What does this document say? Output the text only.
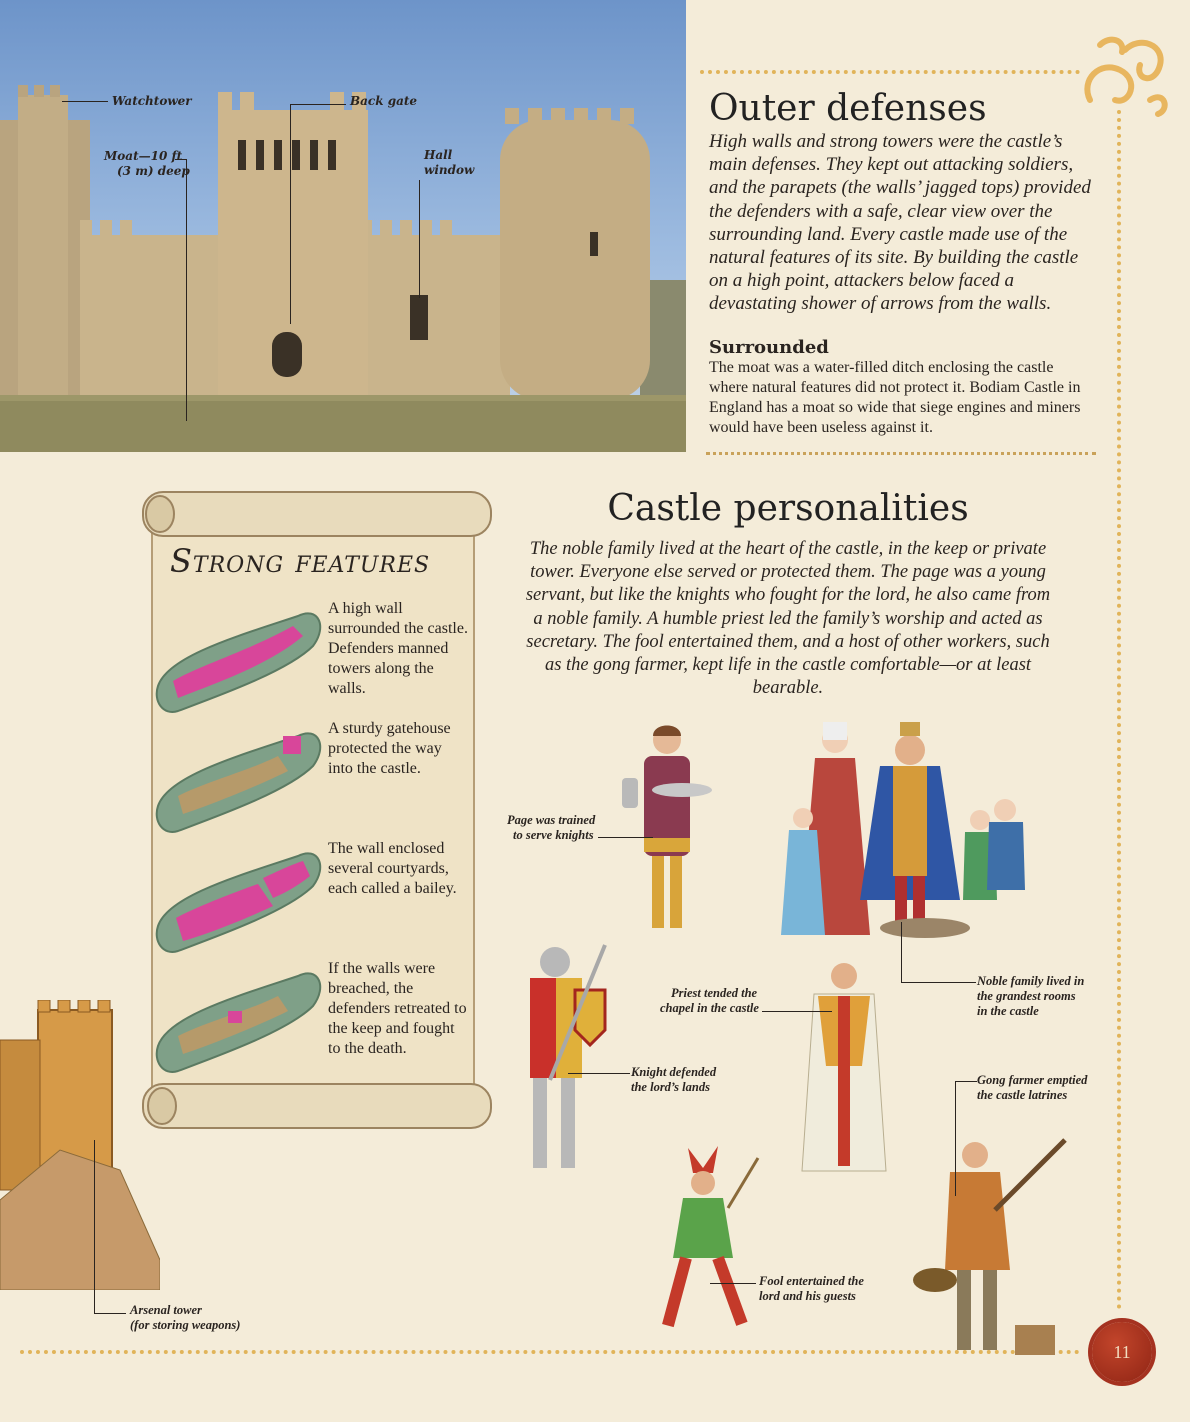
Watchtower	Back gate
Moat—10 ft
(3 m) deep
Hall
window
Outer defenses

High walls and strong towers were the castle’s main defenses. They kept out attacking soldiers, and the parapets (the walls’ jagged tops) provided the defenders with a safe, clear view over the surrounding land. Every castle made use of the natural features of its site. By building the castle on a high point, attackers below faced a devastating shower of arrows from the walls.

Surrounded

The moat was a water-filled ditch enclosing the castle where natural features did not protect it. Bodiam Castle in England has a moat so wide that siege engines and miners would have been useless against it.

Strong features
A high wall surrounded the castle. Defenders manned towers along the walls.
A sturdy gatehouse protected the way into the castle.
The wall enclosed several courtyards, each called a bailey.
If the walls were breached, the defenders retreated to the keep and fought to the death.
Castle personalities

The noble family lived at the heart of the castle, in the keep or private tower. Everyone else served or protected them. The page was a young servant, but like the knights who fought for the lord, he also came from a noble family. A humble priest led the family’s worship and acted as secretary. The fool entertained them, and a host of other workers, such as the gong farmer, kept life in the castle comfortable—or at least bearable.

Page was trained
to serve knights
Noble family lived in
the grandest rooms
in the castle
Priest tended the
chapel in the castle
Knight defended
the lord’s lands	Gong farmer emptied
the castle latrines
Fool entertained the
lord and his guests
Arsenal tower
(for storing weapons)
11
